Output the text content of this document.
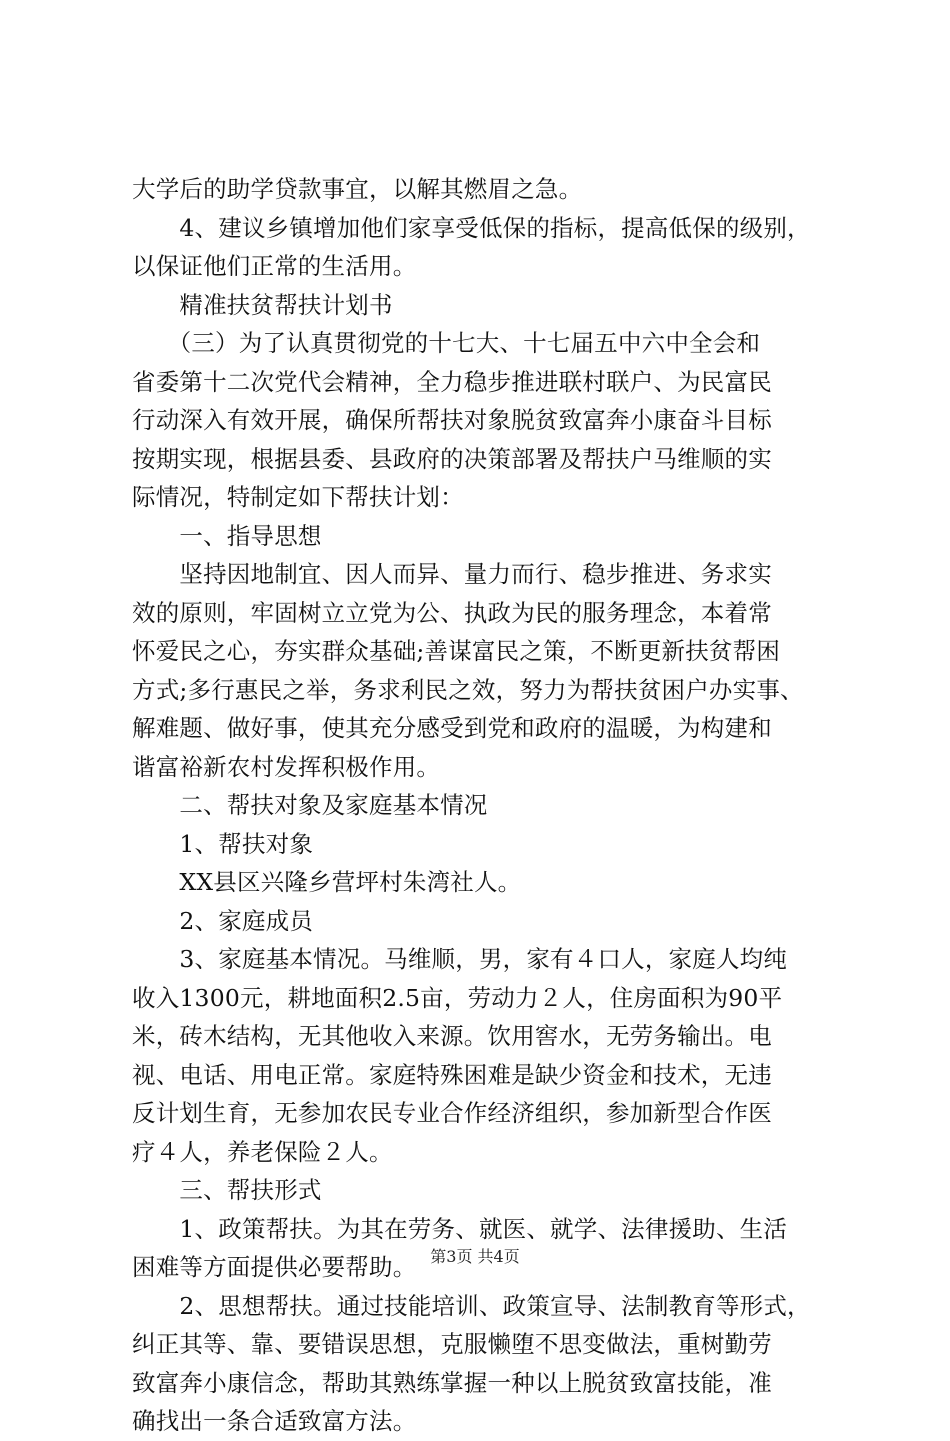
大学后的助学贷款事宜，以解其燃眉之急。
　　4、建议乡镇增加他们家享受低保的指标，提高低保的级别，
以保证他们正常的生活用。
　　精准扶贫帮扶计划书
　　（三）为了认真贯彻党的十七大、十七届五中六中全会和
省委第十二次党代会精神，全力稳步推进联村联户、为民富民
行动深入有效开展，确保所帮扶对象脱贫致富奔小康奋斗目标
按期实现，根据县委、县政府的决策部署及帮扶户马维顺的实
际情况，特制定如下帮扶计划：
　　一、指导思想
　　坚持因地制宜、因人而异、量力而行、稳步推进、务求实
效的原则，牢固树立立党为公、执政为民的服务理念，本着常
怀爱民之心，夯实群众基础;善谋富民之策，不断更新扶贫帮困
方式;多行惠民之举，务求利民之效，努力为帮扶贫困户办实事、
解难题、做好事，使其充分感受到党和政府的温暖，为构建和
谐富裕新农村发挥积极作用。
　　二、帮扶对象及家庭基本情况
　　1、帮扶对象
　　XX县区兴隆乡营坪村朱湾社人。
　　2、家庭成员
　　3、家庭基本情况。马维顺，男，家有４口人，家庭人均纯
收入1300元，耕地面积2.5亩，劳动力２人，住房面积为90平
米，砖木结构，无其他收入来源。饮用窖水，无劳务输出。电
视、电话、用电正常。家庭特殊困难是缺少资金和技术，无违
反计划生育，无参加农民专业合作经济组织，参加新型合作医
疗４人，养老保险２人。
　　三、帮扶形式
　　1、政策帮扶。为其在劳务、就医、就学、法律援助、生活
困难等方面提供必要帮助。
　　2、思想帮扶。通过技能培训、政策宣导、法制教育等形式，
纠正其等、靠、要错误思想，克服懒堕不思变做法，重树勤劳
致富奔小康信念，帮助其熟练掌握一种以上脱贫致富技能，准
确找出一条合适致富方法。
第3页 共4页
